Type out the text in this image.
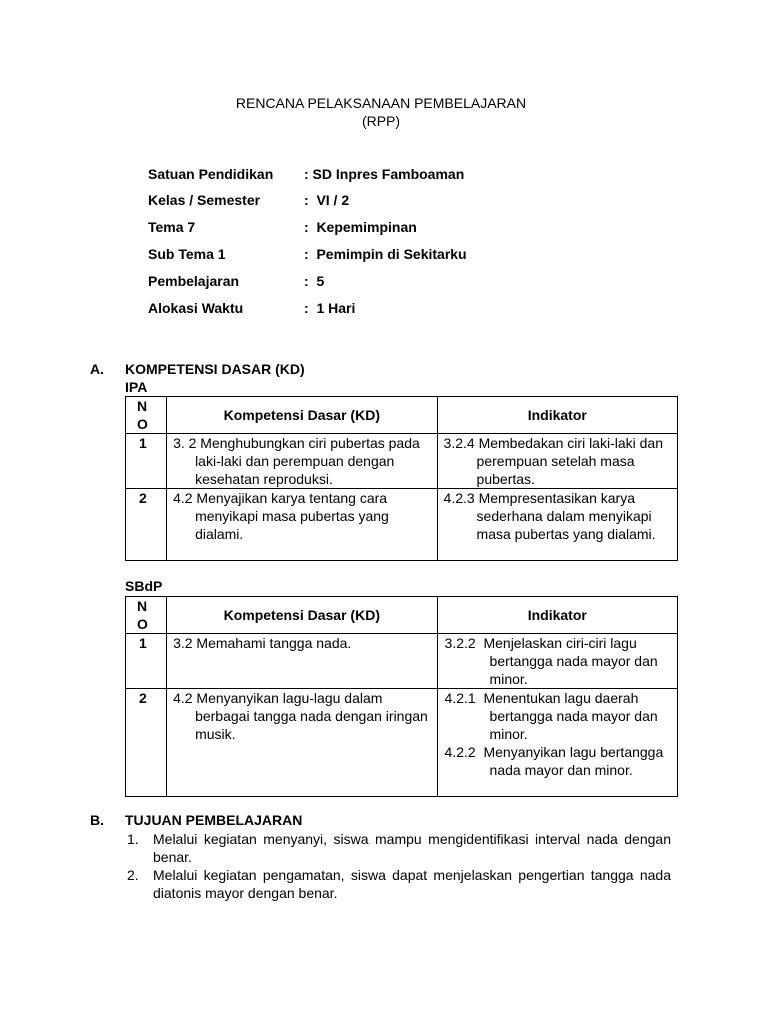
RENCANA PELAKSANAAN PEMBELAJARAN
(RPP)
Satuan Pendidikan : SD Inpres Famboaman
Kelas / Semester	:  VI / 2
Tema 7	:  Kepemimpinan
Sub Tema 1	:  Pemimpin di Sekitarku
Pembelajaran	:  5
Alokasi Waktu	:  1 Hari
A. KOMPETENSI DASAR (KD)
IPA
N
O	Kompetensi Dasar (KD)	Indikator
1	3. 2 Menghubungkan ciri pubertas pada laki-laki dan perempuan dengan kesehatan reproduksi.	3.2.4 Membedakan ciri laki-laki dan perempuan setelah masa pubertas.

2	4.2 Menyajikan karya tentang cara menyikapi masa pubertas yang dialami.	4.2.3 Mempresentasikan karya sederhana dalam menyikapi masa pubertas yang dialami.

SBdP
N
O	Kompetensi Dasar (KD)	Indikator
1	3.2 Memahami tangga nada.	3.2.2  Menjelaskan ciri-ciri lagu bertangga nada mayor dan minor.

2	4.2 Menyanyikan lagu-lagu dalam berbagai tangga nada dengan iringan musik.	4.2.1  Menentukan lagu daerah bertangga nada mayor dan minor.

4.2.2  Menyanyikan lagu bertangga nada mayor dan minor.

B. TUJUAN PEMBELAJARAN
1. Melalui kegiatan menyanyi, siswa mampu mengidentifikasi interval nada dengan benar.
2. Melalui kegiatan pengamatan, siswa dapat menjelaskan pengertian tangga nada diatonis mayor dengan benar.
